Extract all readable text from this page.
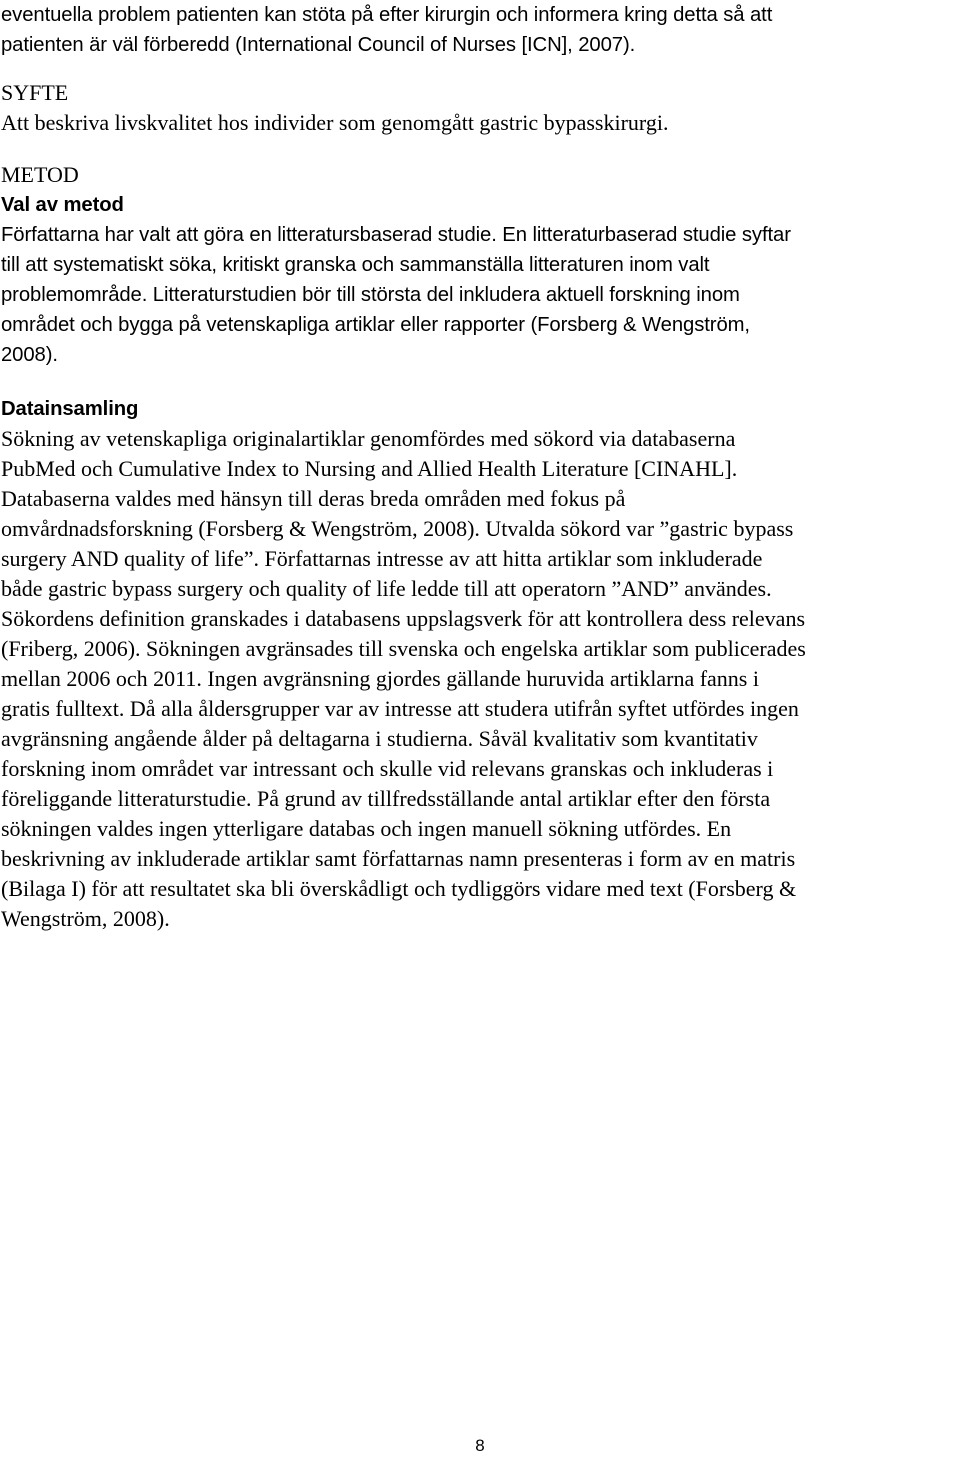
eventuella problem patienten kan stöta på efter kirurgin och informera kring detta så att
patienten är väl förberedd (International Council of Nurses [ICN], 2007).
SYFTE
Att beskriva livskvalitet hos individer som genomgått gastric bypasskirurgi.
METOD
Val av metod
Författarna har valt att göra en litteratursbaserad studie. En litteraturbaserad studie syftar
till att systematiskt söka, kritiskt granska och sammanställa litteraturen inom valt
problemområde. Litteraturstudien bör till största del inkludera aktuell forskning inom
området och bygga på vetenskapliga artiklar eller rapporter (Forsberg & Wengström,
2008).
Datainsamling
Sökning av vetenskapliga originalartiklar genomfördes med sökord via databaserna
PubMed och Cumulative Index to Nursing and Allied Health Literature [CINAHL].
Databaserna valdes med hänsyn till deras breda områden med fokus på
omvårdnadsforskning (Forsberg & Wengström, 2008). Utvalda sökord var ”gastric bypass
surgery AND quality of life”. Författarnas intresse av att hitta artiklar som inkluderade
både gastric bypass surgery och quality of life ledde till att operatorn ”AND” användes.
Sökordens definition granskades i databasens uppslagsverk för att kontrollera dess relevans
(Friberg, 2006). Sökningen avgränsades till svenska och engelska artiklar som publicerades
mellan 2006 och 2011. Ingen avgränsning gjordes gällande huruvida artiklarna fanns i
gratis fulltext. Då alla åldersgrupper var av intresse att studera utifrån syftet utfördes ingen
avgränsning angående ålder på deltagarna i studierna. Såväl kvalitativ som kvantitativ
forskning inom området var intressant och skulle vid relevans granskas och inkluderas i
föreliggande litteraturstudie. På grund av tillfredsställande antal artiklar efter den första
sökningen valdes ingen ytterligare databas och ingen manuell sökning utfördes. En
beskrivning av inkluderade artiklar samt författarnas namn presenteras i form av en matris
(Bilaga I) för att resultatet ska bli överskådligt och tydliggörs vidare med text (Forsberg &
Wengström, 2008).
8
